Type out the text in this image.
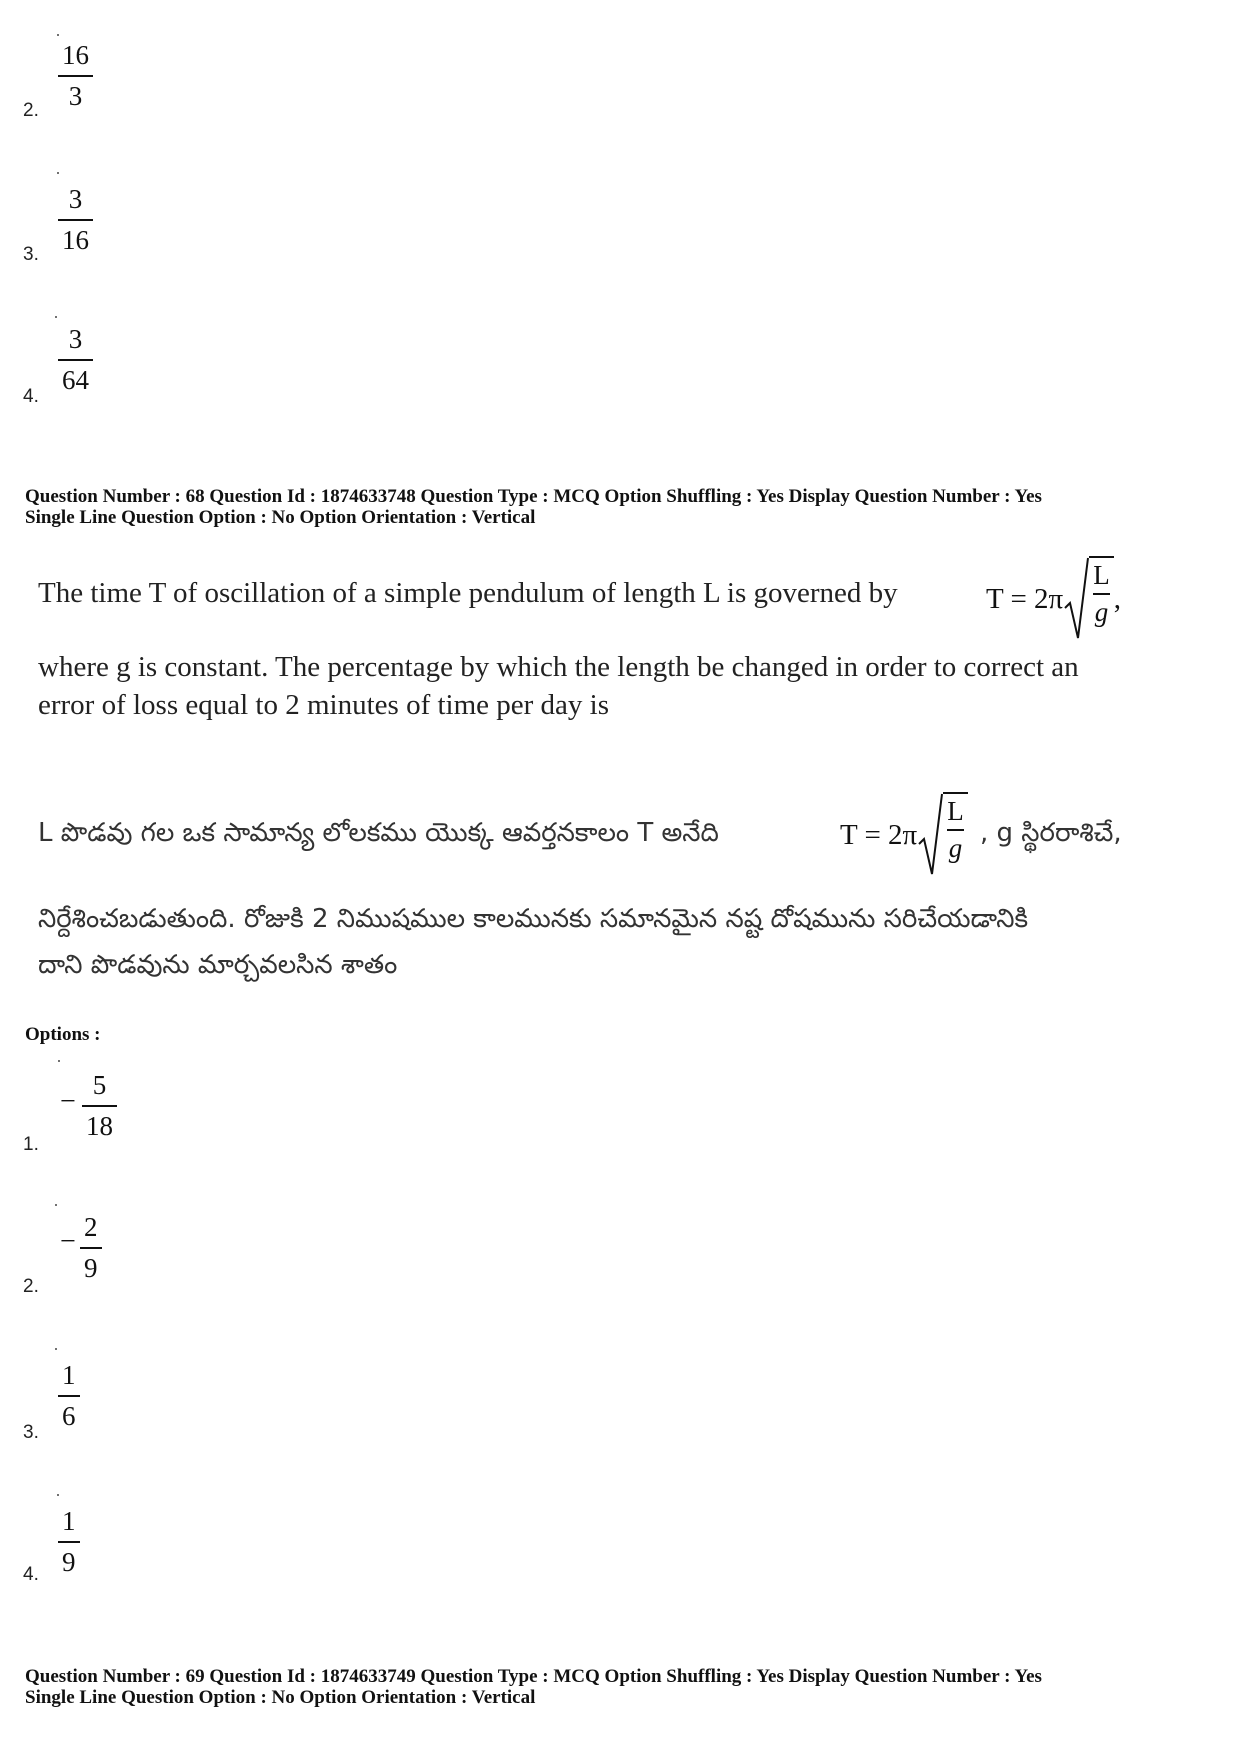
16
3
2.
3
16
3.
3
64
4.
Question Number : 68 Question Id : 1874633748 Question Type : MCQ Option Shuffling : Yes Display Question Number : Yes
Single Line Question Option : No Option Orientation : Vertical
The time T of oscillation of a simple pendulum of length L is governed by	T = 2π
L
g ,
where g is constant. The percentage by which the length be changed in order to correct an
error of loss equal to 2 minutes of time per day is
L పొడవు గల ఒక సామాన్య లోలకము యొక్క ఆవర్తనకాలం T అనేది	T = 2π
L
g , g స్థిరరాశిచే,
నిర్దేశించబడుతుంది. రోజుకి 2 నిముషముల కాలమునకు సమానమైన నష్ట దోషమును సరిచేయడానికి
దాని పొడవును మార్చవలసిన శాతం
Options :
−
5
18
1.
− 2
9
2.
1
6
3.
1
9
4.
Question Number : 69 Question Id : 1874633749 Question Type : MCQ Option Shuffling : Yes Display Question Number : Yes
Single Line Question Option : No Option Orientation : Vertical
